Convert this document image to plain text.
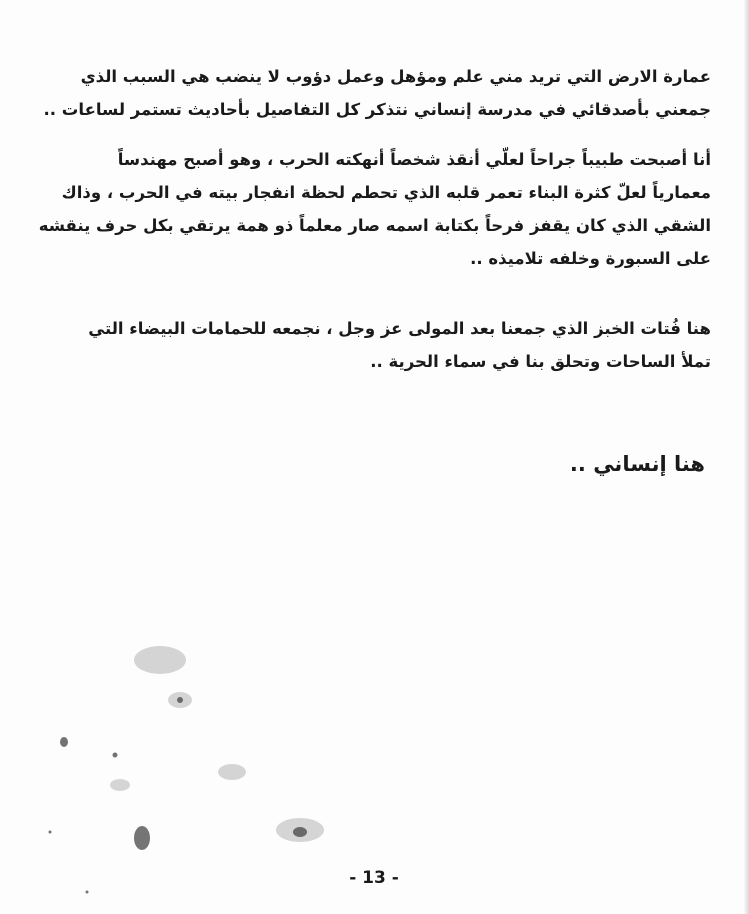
عمارة الارض التي تريد مني علم ومؤهل وعمل دؤوب لا ينضب هي السبب الذي
جمعني بأصدقائي في مدرسة إنساني نتذكر كل التفاصيل بأحاديث تستمر لساعات ..
أنا أصبحت طبيباً جراحاً لعلّي أنقذ شخصاً أنهكته الحرب ، وهو أصبح مهندساً
معمارياً لعلّ كثرة البناء تعمر قلبه الذي تحطم لحظة انفجار بيته في الحرب ، وذاك
الشقي الذي كان يقفز فرحاً بكتابة اسمه صار معلماً ذو همة يرتقي بكل حرف ينقشه
على السبورة وخلفه تلاميذه ..
هنا فُتات الخبز الذي جمعنا بعد المولى عز وجل ، نجمعه للحمامات البيضاء التي
تملأ الساحات وتحلق بنا في سماء الحرية ..

هنا إنساني ..

- 13 -
